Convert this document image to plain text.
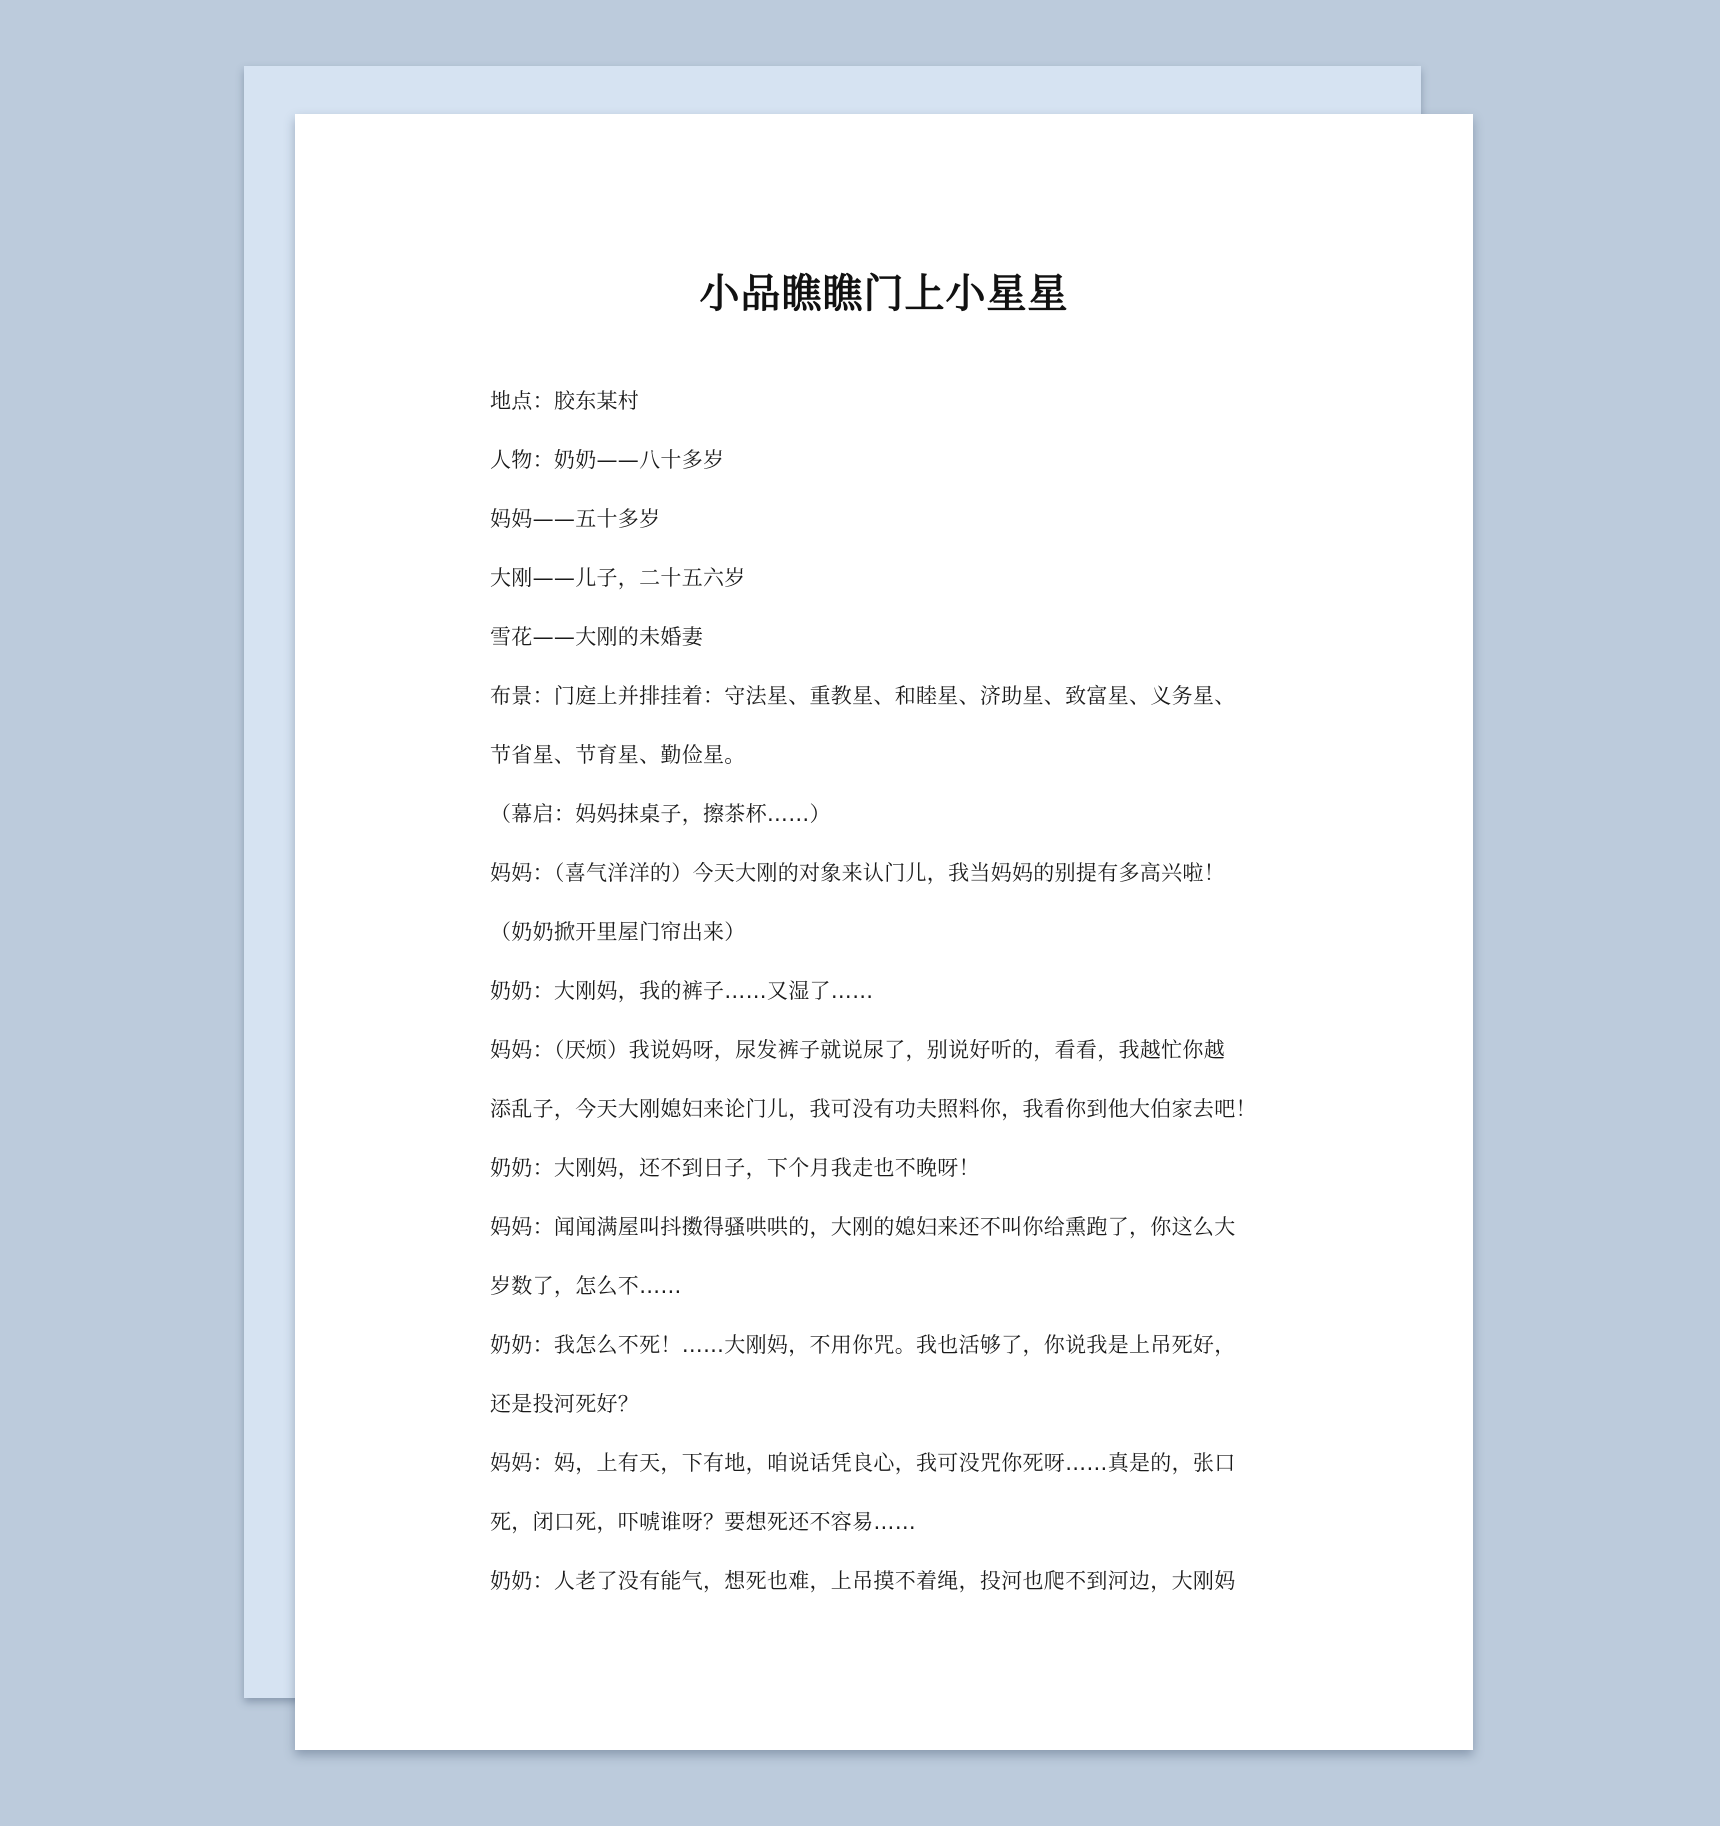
小品瞧瞧门上小星星

地点：胶东某村

人物：奶奶——八十多岁

妈妈——五十多岁

大刚——儿子，二十五六岁

雪花——大刚的未婚妻

布景：门庭上并排挂着：守法星、重教星、和睦星、济助星、致富星、义务星、

节省星、节育星、勤俭星。

（幕启：妈妈抹桌子，擦茶杯……）

妈妈：（喜气洋洋的）今天大刚的对象来认门儿，我当妈妈的别提有多高兴啦！

（奶奶掀开里屋门帘出来）

奶奶：大刚妈，我的裤子……又湿了……

妈妈：（厌烦）我说妈呀，尿发裤子就说尿了，别说好听的，看看，我越忙你越

添乱子，今天大刚媳妇来论门儿，我可没有功夫照料你，我看你到他大伯家去吧！

奶奶：大刚妈，还不到日子，下个月我走也不晚呀！

妈妈：闻闻满屋叫抖擞得骚哄哄的，大刚的媳妇来还不叫你给熏跑了，你这么大

岁数了，怎么不……

奶奶：我怎么不死！……大刚妈，不用你咒。我也活够了，你说我是上吊死好，

还是投河死好？

妈妈：妈，上有天，下有地，咱说话凭良心，我可没咒你死呀……真是的，张口

死，闭口死，吓唬谁呀？要想死还不容易……

奶奶：人老了没有能气，想死也难，上吊摸不着绳，投河也爬不到河边，大刚妈
